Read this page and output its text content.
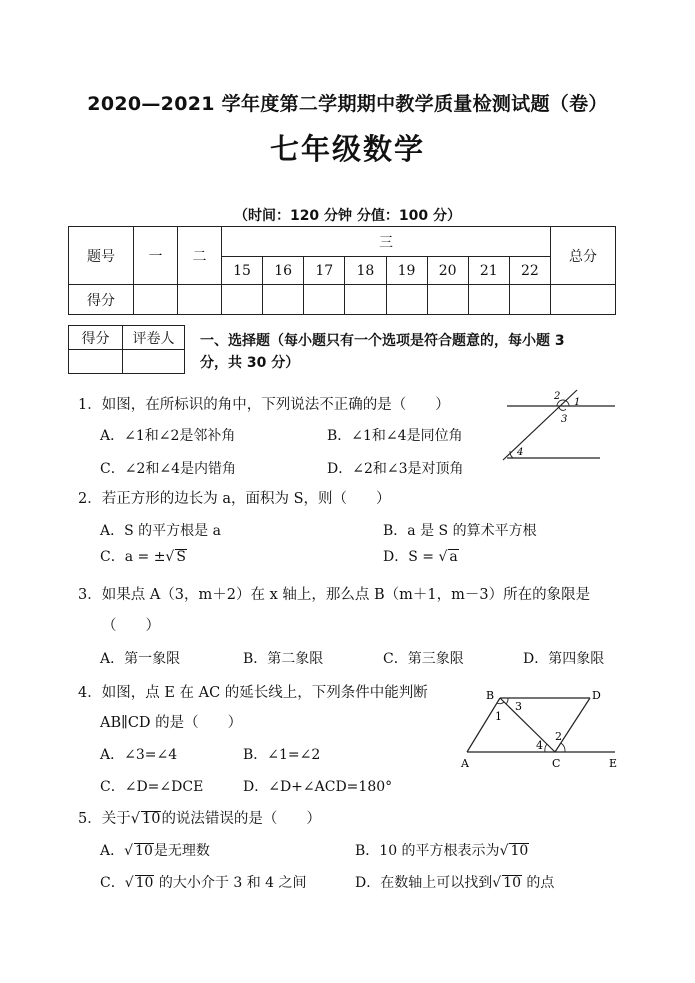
2020—2021 学年度第二学期期中教学质量检测试题（卷）
七年级数学
（时间：120 分钟 分值：100 分）
题号	一	二	三								总分
			15	16	17	18	19	20	21	22	
得分											
得分	评卷人
	一、选择题（每小题只有一个选项是符合题意的，每小题 3
分，共 30 分）
1．如图，在所标识的角中，下列说法不正确的是（　　）
A．∠1和∠2是邻补角	B．∠1和∠4是同位角
C．∠2和∠4是内错角	D．∠2和∠3是对顶角
2
1
3
4
2．若正方形的边长为 a，面积为 S，则（　　）
A．S 的平方根是 a	B．a 是 S 的算术平方根
C．a = ±√ S	D．S = √ a
3．如果点 A（3，m＋2）在 x 轴上，那么点 B（m＋1，m－3）所在的象限是
（　　）
A．第一象限	B．第二象限	C．第三象限	D．第四象限
4．如图，点 E 在 AC 的延长线上，下列条件中能判断
AB∥CD 的是（　　）
A．∠3=∠4	B．∠1=∠2
C．∠D=∠DCE	D．∠D+∠ACD=180°
B	D
1
3
4
2
A	C	E
5．关于√ 10的说法错误的是（　　）
A．√ 10是无理数	B．10 的平方根表示为√ 10
C．√ 10 的大小介于 3 和 4 之间	D．在数轴上可以找到√ 10 的点
